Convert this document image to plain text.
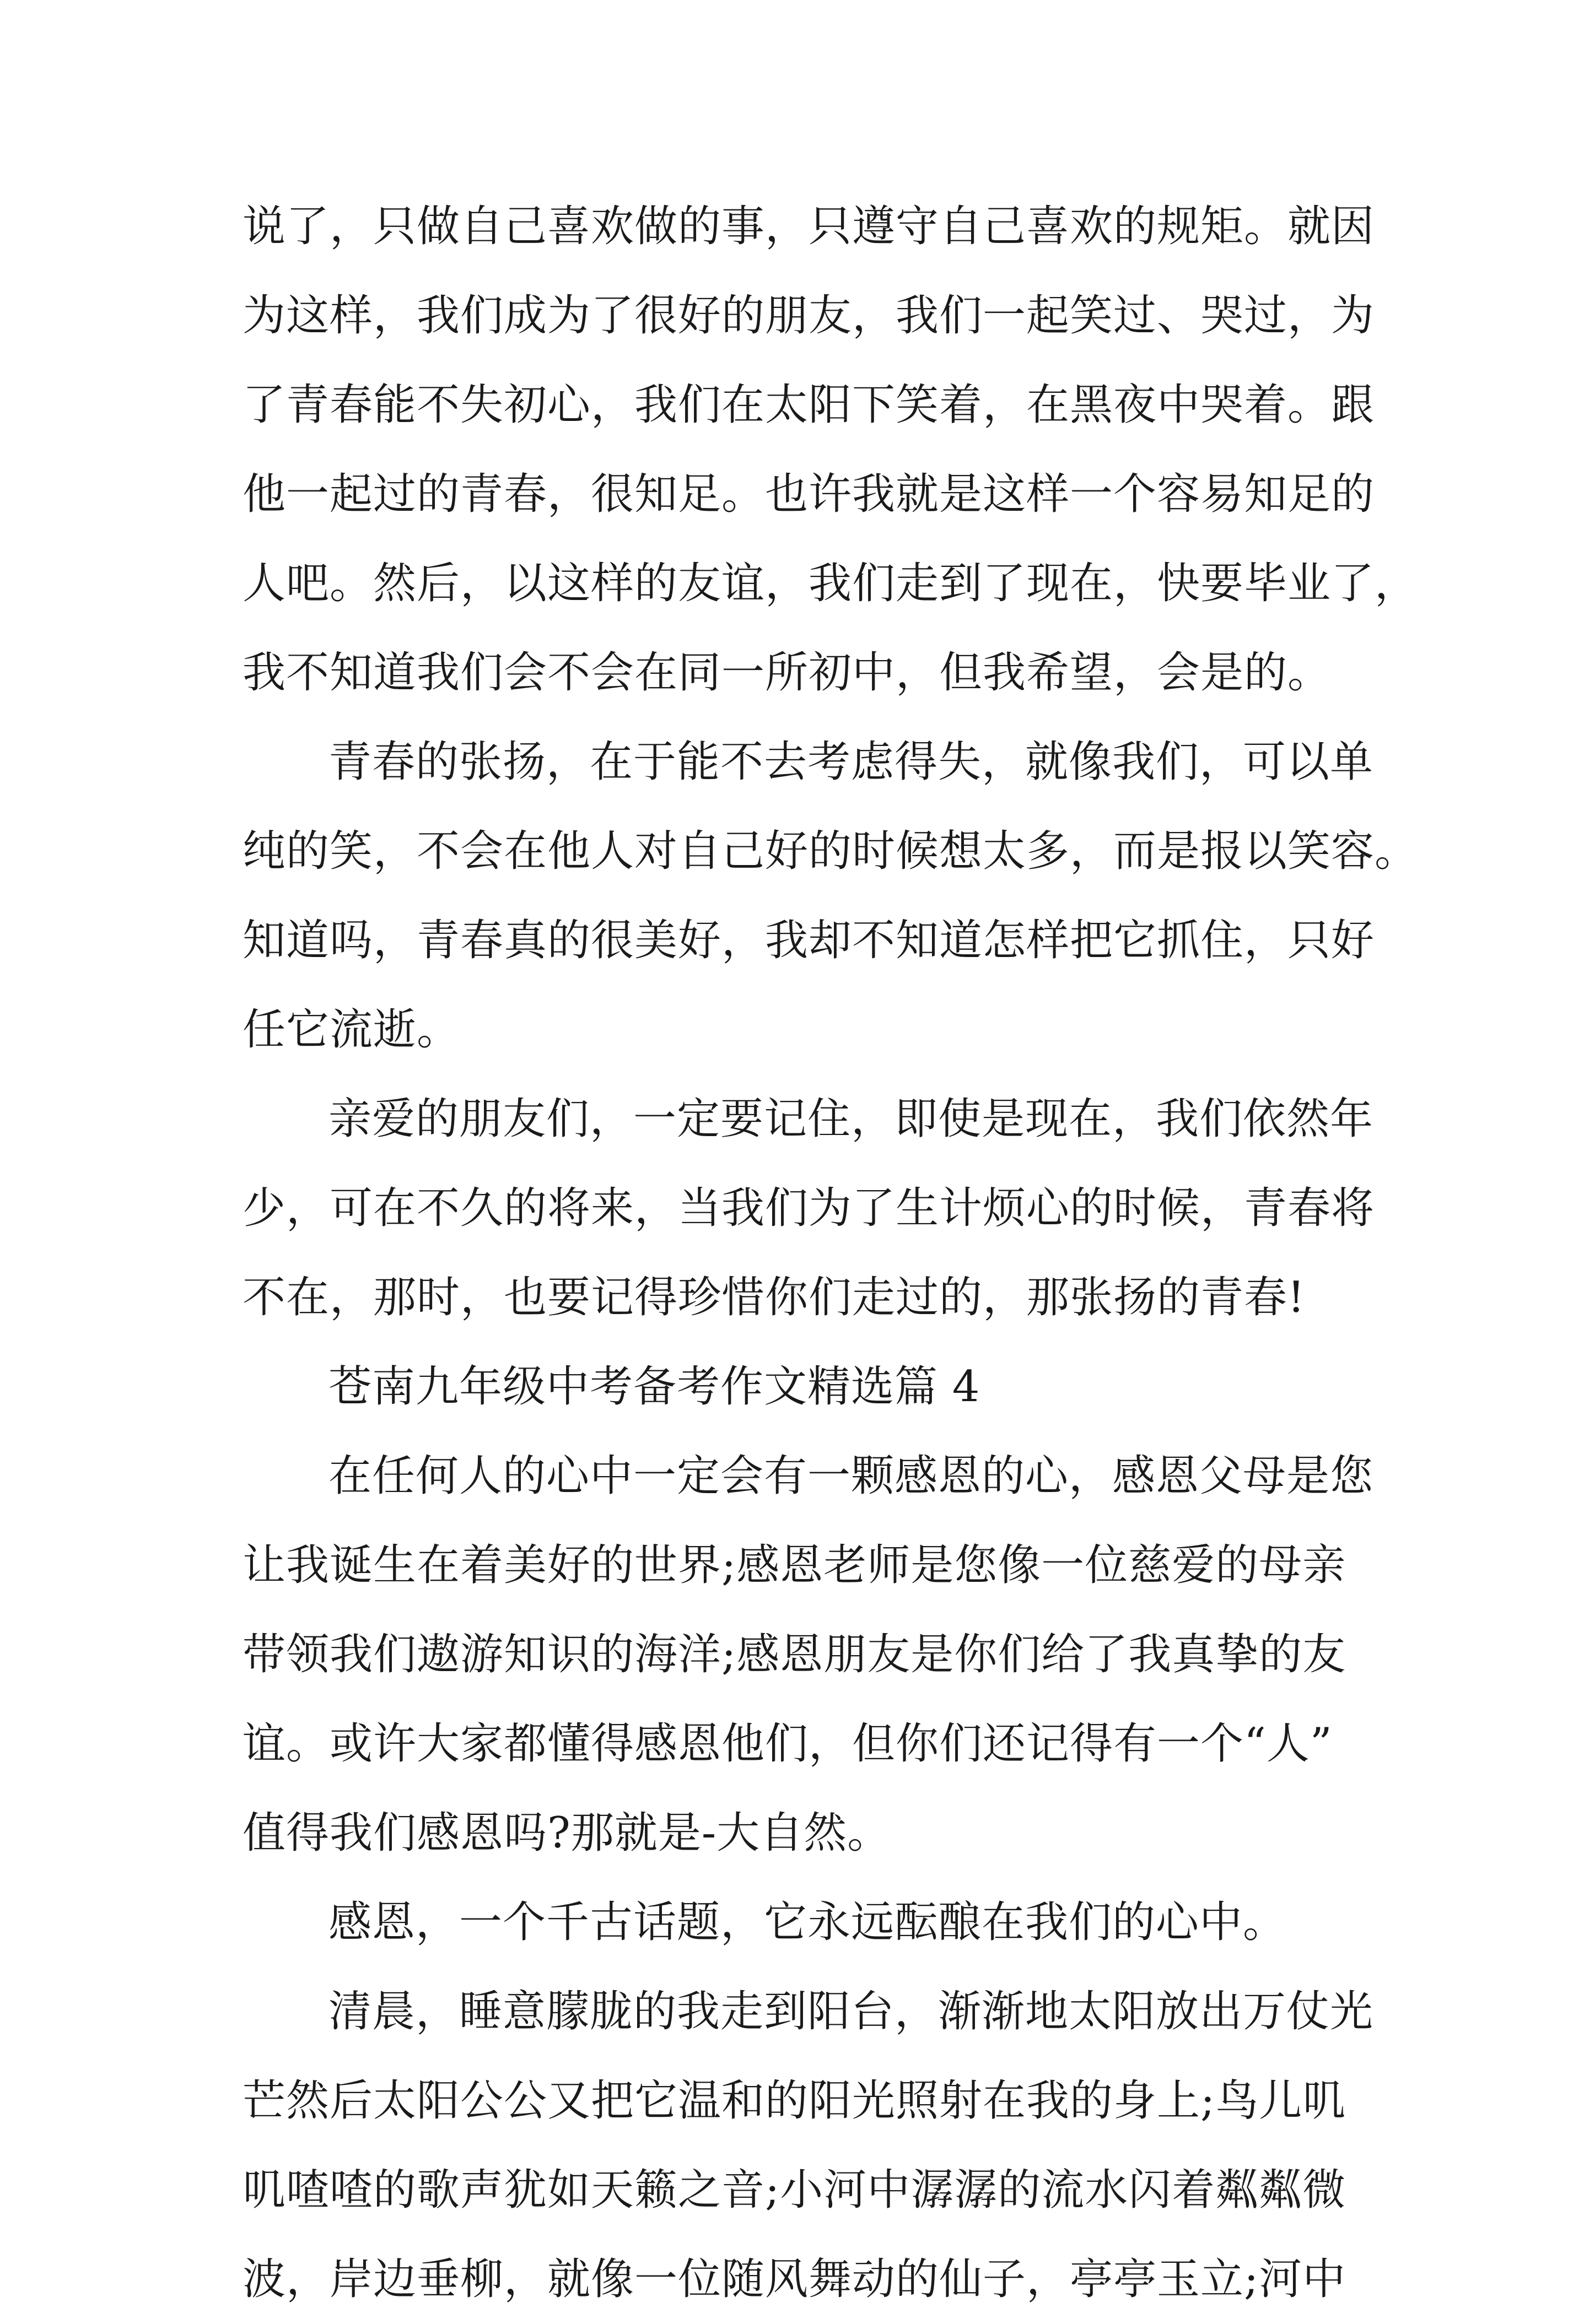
说了，只做自己喜欢做的事，只遵守自己喜欢的规矩。就因
为这样，我们成为了很好的朋友，我们一起笑过、哭过，为
了青春能不失初心，我们在太阳下笑着，在黑夜中哭着。跟
他一起过的青春，很知足。也许我就是这样一个容易知足的
人吧。然后，以这样的友谊，我们走到了现在，快要毕业了，
我不知道我们会不会在同一所初中，但我希望，会是的。
青春的张扬，在于能不去考虑得失，就像我们，可以单
纯的笑，不会在他人对自己好的时候想太多，而是报以笑容。
知道吗，青春真的很美好，我却不知道怎样把它抓住，只好
任它流逝。
亲爱的朋友们，一定要记住，即使是现在，我们依然年
少，可在不久的将来，当我们为了生计烦心的时候，青春将
不在，那时，也要记得珍惜你们走过的，那张扬的青春!
苍南九年级中考备考作文精选篇 4
在任何人的心中一定会有一颗感恩的心，感恩父母是您
让我诞生在着美好的世界;感恩老师是您像一位慈爱的母亲
带领我们遨游知识的海洋;感恩朋友是你们给了我真挚的友
谊。或许大家都懂得感恩他们，但你们还记得有一个“人”
值得我们感恩吗?那就是-大自然。
感恩，一个千古话题，它永远酝酿在我们的心中。
清晨，睡意朦胧的我走到阳台，渐渐地太阳放出万仗光
芒然后太阳公公又把它温和的阳光照射在我的身上;鸟儿叽
叽喳喳的歌声犹如天籁之音;小河中潺潺的流水闪着粼粼微
波，岸边垂柳，就像一位随风舞动的仙子，亭亭玉立;河中
